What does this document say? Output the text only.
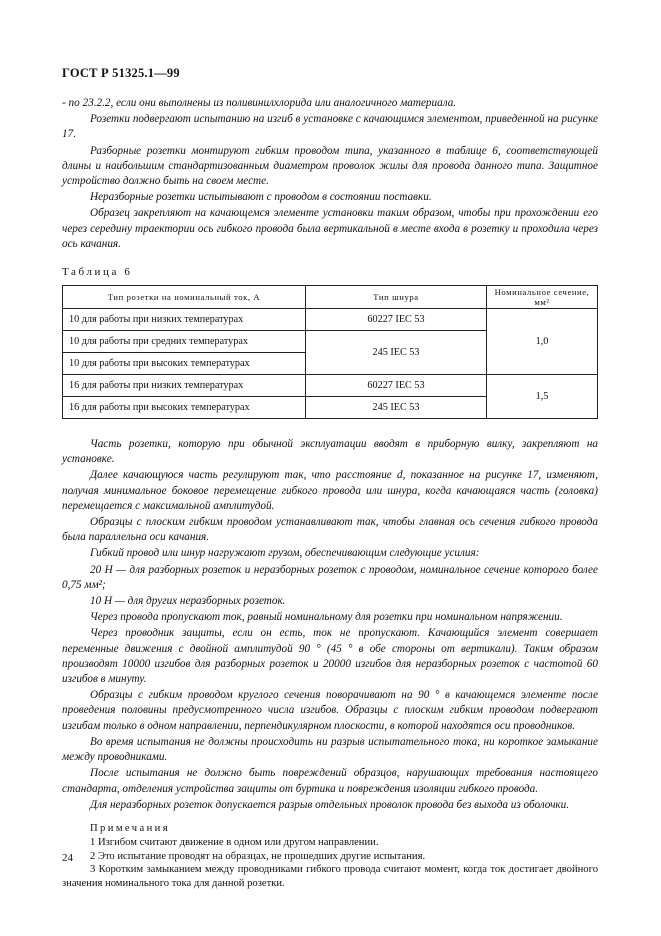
ГОСТ Р 51325.1—99

- по 23.2.2, если они выполнены из поливинилхлорида или аналогичного материала.

Розетки подвергают испытанию на изгиб в установке с качающимся элементом, приведенной на рисунке 17.

Разборные розетки монтируют гибким проводом типа, указанного в таблице 6, соответствующей длины и наибольшим стандартизованным диаметром проволок жилы для провода данного типа. Защитное устройство должно быть на своем месте.

Неразборные розетки испытывают с проводом в состоянии поставки.

Образец закрепляют на качающемся элементе установки таким образом, чтобы при прохождении его через середину траектории ось гибкого провода была вертикальной в месте входа в розетку и проходила через ось качания.

Таблица 6
Тип розетки на номинальный ток, А	Тип шнура	Номинальное сечение, мм²
10 для работы при низких температурах	60227 IEC 53	1,0
10 для работы при средних температурах	245 IEC 53	
10 для работы при высоких температурах		
16 для работы при низких температурах	60227 IEC 53	1,5
16 для работы при высоких температурах	245 IEC 53	

Часть розетки, которую при обычной эксплуатации вводят в приборную вилку, закрепляют на установке.

Далее качающуюся часть регулируют так, что расстояние d, показанное на рисунке 17, изменяют, получая минимальное боковое перемещение гибкого провода или шнура, когда качающаяся часть (головка) перемещается с максимальной амплитудой.

Образцы с плоским гибким проводом устанавливают так, чтобы главная ось сечения гибкого провода была параллельна оси качания.

Гибкий провод или шнур нагружают грузом, обеспечивающим следующие усилия:

20 Н — для разборных розеток и неразборных розеток с проводом, номинальное сечение которого более 0,75 мм²;

10 Н — для других неразборных розеток.

Через провода пропускают ток, равный номинальному для розетки при номинальном напряжении.

Через проводник защиты, если он есть, ток не пропускают. Качающийся элемент совершает переменные движения с двойной амплитудой 90 ° (45 ° в обе стороны от вертикали). Таким образом производят 10000 изгибов для разборных розеток и 20000 изгибов для неразборных розеток с частотой 60 изгибов в минуту.

Образцы с гибким проводом круглого сечения поворачивают на 90 ° в качающемся элементе после проведения половины предусмотренного числа изгибов. Образцы с плоским гибким проводом подвергают изгибам только в одном направлении, перпендикулярном плоскости, в которой находятся оси проводников.

Во время испытания не должны происходить ни разрыв испытательного тока, ни короткое замыкание между проводниками.

После испытания не должно быть повреждений образцов, нарушающих требования настоящего стандарта, отделения устройства защиты от буртика и повреждения изоляции гибкого провода.

Для неразборных розеток допускается разрыв отдельных проволок провода без выхода из оболочки.

Примечания
1 Изгибом считают движение в одном или другом направлении.
2 Это испытание проводят на образцах, не прошедших другие испытания.
3 Коротким замыканием между проводниками гибкого провода считают момент, когда ток достигает двойного значения номинального тока для данной розетки.
24
